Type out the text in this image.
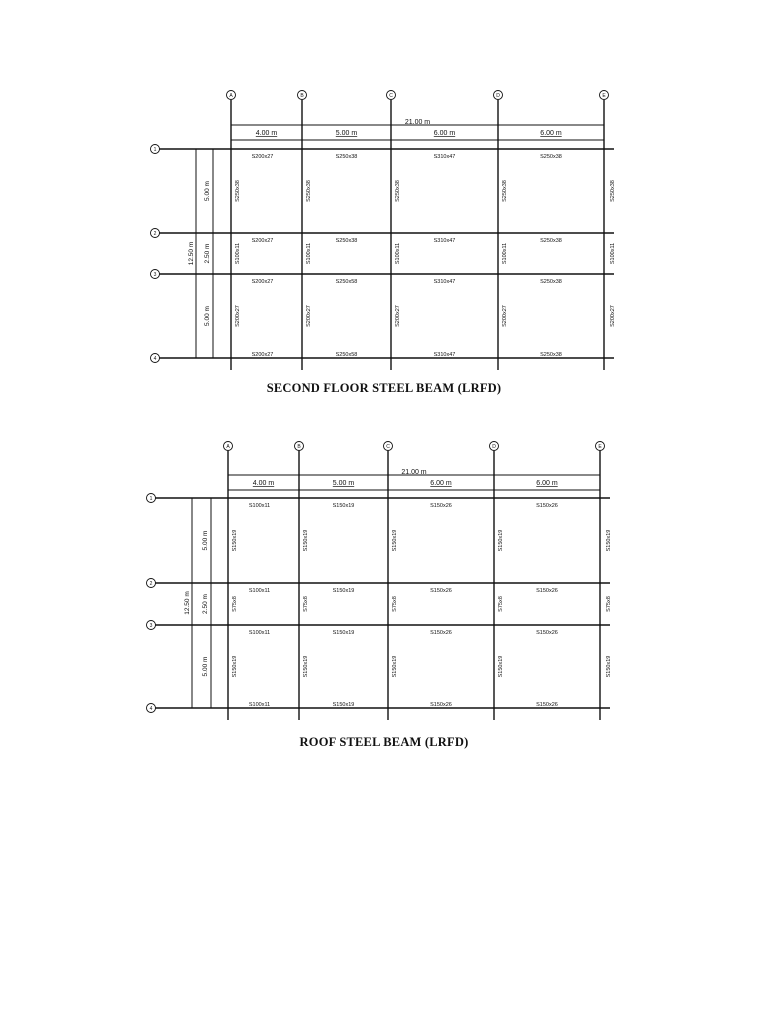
A	B	C	D	E
1
2
3
4
21.00 m
4.00 m	5.00 m	6.00 m	6.00 m
12.50 m
5.00 m
2.50 m
5.00 m
S200x27	S250x38	S310x47	S250x38
S200x27	S250x38	S310x47	S250x38
S200x27	S250x58	S310x47	S250x38
S200x27	S250x58	S310x47	S250x38
S250x38	S250x38	S250x38	S250x38	S250x38
S100x11	S100x11	S100x11	S100x11	S100x11
S200x27	S200x27	S200x27	S200x27	S200x27
A	B	C	D	E
1
2
3
4
21.00 m
4.00 m	5.00 m	6.00 m	6.00 m
12.50 m
5.00 m
2.50 m
5.00 m
S100x11	S150x19	S150x26	S150x26
S100x11	S150x19	S150x26	S150x26
S100x11	S150x19	S150x26	S150x26
S100x11	S150x19	S150x26	S150x26
S150x19	S150x19	S150x19	S150x19	S150x19
S75x8	S75x8	S75x8	S75x8	S75x8
S150x19	S150x19	S150x19	S150x19	S150x19
SECOND FLOOR STEEL BEAM (LRFD)
ROOF STEEL BEAM (LRFD)
